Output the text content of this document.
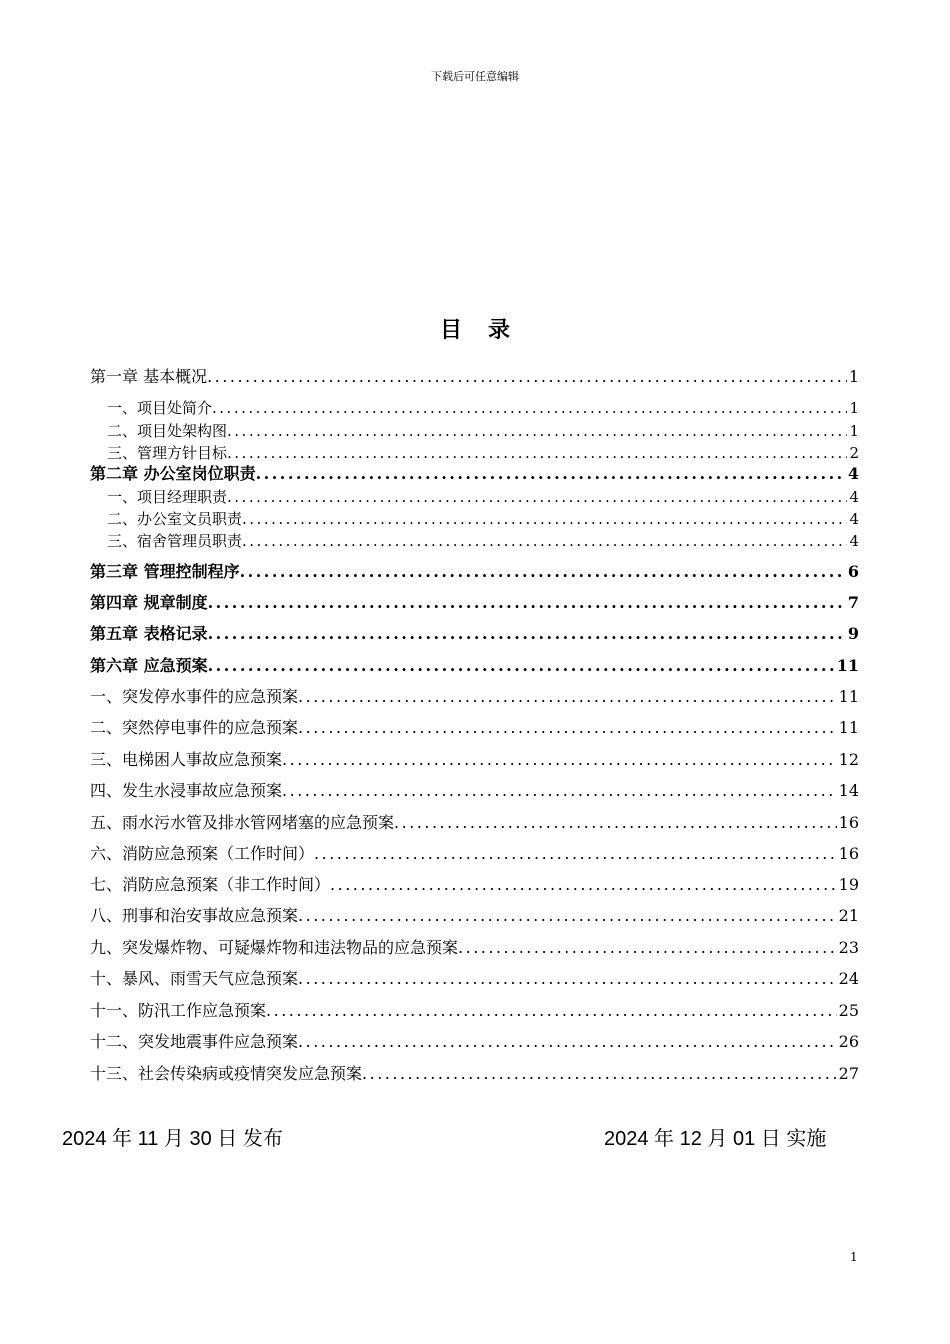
下载后可任意编辑
目录
第一章 基本概况 .....	1
一、项目处简介 .....	1
二、项目处架构图 .....	1
三、管理方针目标 .....	2
第二章 办公室岗位职责 .....	4
一、项目经理职责 .....	4
二、办公室文员职责 .....	4
三、宿舍管理员职责 .....	4
第三章 管理控制程序 .....	6
第四章 规章制度 .....	7
第五章 表格记录 .....	9
第六章 应急预案 .....	11
一、突发停水事件的应急预案 .....	11
二、突然停电事件的应急预案 .....	11
三、电梯困人事故应急预案 .....	12
四、发生水浸事故应急预案 .....	14
五、雨水污水管及排水管网堵塞的应急预案 .....	16
六、消防应急预案（工作时间） .....	16
七、消防应急预案（非工作时间） .....	19
八、刑事和治安事故应急预案 .....	21
九、突发爆炸物、可疑爆炸物和违法物品的应急预案 .....	23
十、暴风、雨雪天气应急预案 .....	24
十一、防汛工作应急预案 .....	25
十二、突发地震事件应急预案 .....	26
十三、社会传染病或疫情突发应急预案 .....	27
2024 年 11 月 30 日 发布	2024 年 12 月 01 日 实施
1
